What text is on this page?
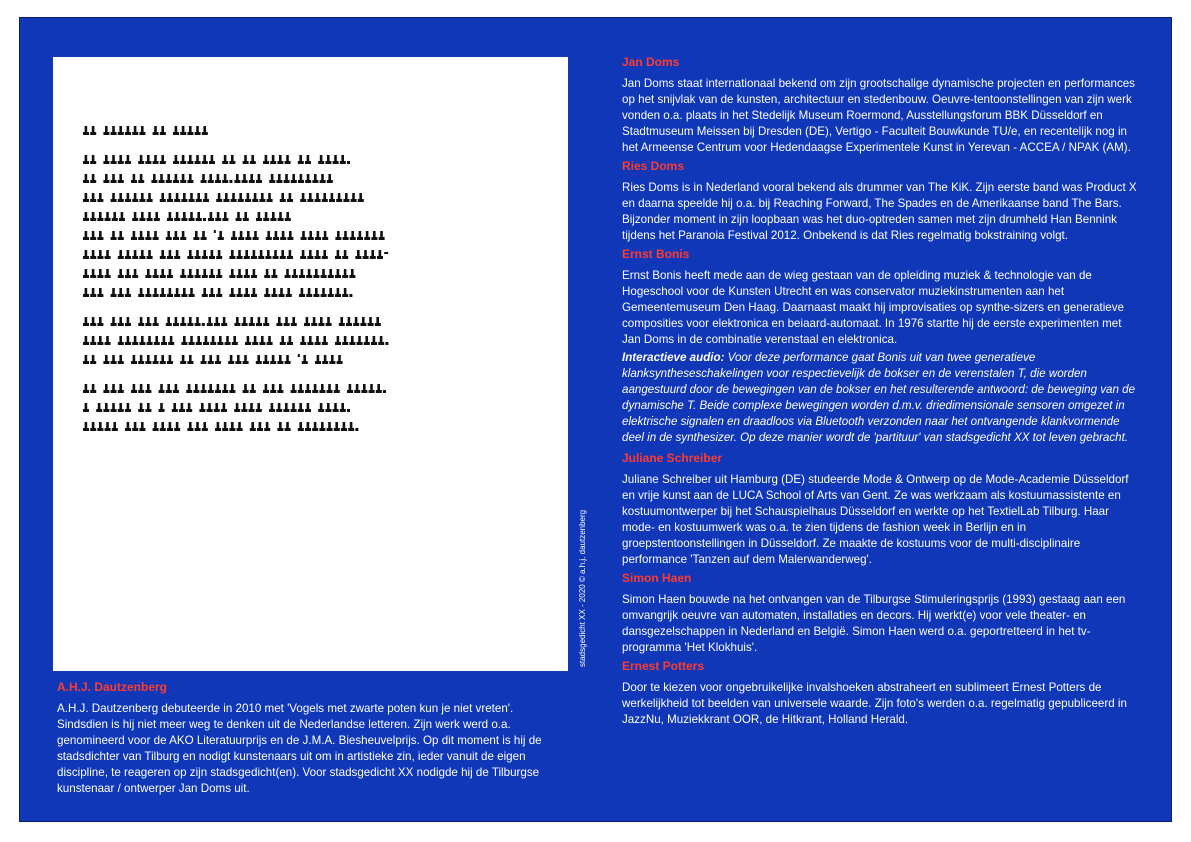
stadsgedicht XX - 2020 © a.h.j. dautzenberg
A.H.J. Dautzenberg
A.H.J. Dautzenberg debuteerde in 2010 met 'Vogels met zwarte poten kun je niet vreten'. Sindsdien is hij niet meer weg te denken uit de Nederlandse letteren. Zijn werk werd o.a. genomineerd voor de AKO Literatuurprijs en de J.M.A. Biesheuvelprijs. Op dit moment is hij de stadsdichter van Tilburg en nodigt kunstenaars uit om in artistieke zin, ieder vanuit de eigen discipline, te reageren op zijn stadsgedicht(en). Voor stadsgedicht XX nodigde hij de Tilburgse kunstenaar / ontwerper Jan Doms uit.
Jan Doms
Jan Doms staat internationaal bekend om zijn grootschalige dynamische projecten en performances op het snijvlak van de kunsten, architectuur en stedenbouw. Oeuvre-tentoonstellingen van zijn werk vonden o.a. plaats in het Stedelijk Museum Roermond, Ausstellungsforum BBK Düsseldorf en Stadtmuseum Meissen bij Dresden (DE), Vertigo - Faculteit Bouwkunde TU/e, en recentelijk nog in het Armeense Centrum voor Hedendaagse Experimentele Kunst in Yerevan - ACCEA / NPAK (AM).
Ries Doms
Ries Doms is in Nederland vooral bekend als drummer van The KiK. Zijn eerste band was Product X en daarna speelde hij o.a. bij Reaching Forward, The Spades en de Amerikaanse band The Bars. Bijzonder moment in zijn loopbaan was het duo-optreden samen met zijn drumheld Han Bennink tijdens het Paranoia Festival 2012. Onbekend is dat Ries regelmatig bokstraining volgt.
Ernst Bonis
Ernst Bonis heeft mede aan de wieg gestaan van de opleiding muziek & technologie van de Hogeschool voor de Kunsten Utrecht en was conservator muziekinstrumenten aan het Gemeentemuseum Den Haag. Daarnaast maakt hij improvisaties op synthe-sizers en generatieve composities voor elektronica en beiaard-automaat. In 1976 startte hij de eerste experimenten met Jan Doms in de combinatie verenstaal en elektronica.
Interactieve audio: Voor deze performance gaat Bonis uit van twee generatieve klanksyntheseschakelingen voor respectievelijk de bokser en de verenstalen T, die worden aangestuurd door de bewegingen van de bokser en het resulterende antwoord: de beweging van de dynamische T. Beide complexe bewegingen worden d.m.v. driedimensionale sensoren omgezet in elektrische signalen en draadloos via Bluetooth verzonden naar het ontvangende klankvormende deel in de synthesizer. Op deze manier wordt de 'partituur' van stadsgedicht XX tot leven gebracht.
Juliane Schreiber
Juliane Schreiber uit Hamburg (DE) studeerde Mode & Ontwerp op de Mode-Academie Düsseldorf en vrije kunst aan de LUCA School of Arts van Gent. Ze was werkzaam als kostuumassistente en kostuumontwerper bij het Schauspielhaus Düsseldorf en werkte op het TextielLab Tilburg. Haar mode- en kostuumwerk was o.a. te zien tijdens de fashion week in Berlijn en in groepstentoonstellingen in Düsseldorf. Ze maakte de kostuums voor de multi-disciplinaire performance 'Tanzen auf dem Malerwanderweg'.
Simon Haen
Simon Haen bouwde na het ontvangen van de Tilburgse Stimuleringsprijs (1993) gestaag aan een omvangrijk oeuvre van automaten, installaties en decors. Hij werkt(e) voor vele theater- en dansgezelschappen in Nederland en België. Simon Haen werd o.a. geportretteerd in het tv-programma 'Het Klokhuis'.
Ernest Potters
Door te kiezen voor ongebruikelijke invalshoeken abstraheert en sublimeert Ernest Potters de werkelijkheid tot beelden van universele waarde. Zijn foto's werden o.a. regelmatig gepubliceerd in JazzNu, Muziekkrant OOR, de Hitkrant, Holland Herald.
